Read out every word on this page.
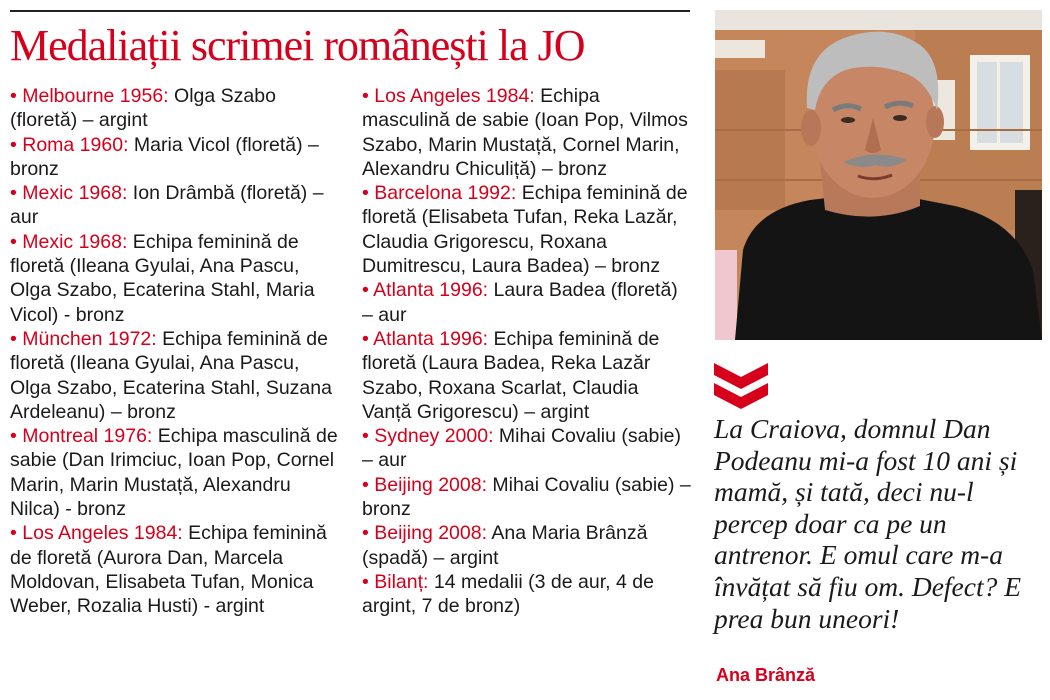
Medaliații scrimei românești la JO

• Melbourne 1956: Olga Szabo (floretă) – argint

• Roma 1960: Maria Vicol (floretă) – bronz

• Mexic 1968: Ion Drâmbă (floretă) – aur

• Mexic 1968: Echipa feminină de floretă (Ileana Gyulai, Ana Pascu, Olga Szabo, Ecaterina Stahl, Maria Vicol) - bronz

• München 1972: Echipa feminină de floretă (Ileana Gyulai, Ana Pascu, Olga Szabo, Ecaterina Stahl, Suzana Ardeleanu) – bronz

• Montreal 1976: Echipa masculină de sabie (Dan Irimciuc, Ioan Pop, Cornel Marin, Marin Mustață, Alexandru Nilca) - bronz

• Los Angeles 1984: Echipa feminină de floretă (Aurora Dan, Marcela Moldovan, Elisabeta Tufan, Monica Weber, Rozalia Husti) - argint

• Los Angeles 1984: Echipa masculină de sabie (Ioan Pop, Vilmos Szabo, Marin Mustață, Cornel Marin, Alexandru Chiculiță) – bronz

• Barcelona 1992: Echipa feminină de floretă (Elisabeta Tufan, Reka Lazăr, Claudia Grigorescu, Roxana Dumitrescu, Laura Badea) – bronz

• Atlanta 1996: Laura Badea (floretă) – aur

• Atlanta 1996: Echipa feminină de floretă (Laura Badea, Reka Lazăr Szabo, Roxana Scarlat, Claudia Vanță Grigorescu) – argint

• Sydney 2000: Mihai Covaliu (sabie) – aur

• Beijing 2008: Mihai Covaliu (sabie) – bronz

• Beijing 2008: Ana Maria Brânză (spadă) – argint

• Bilanț: 14 medalii (3 de aur, 4 de argint, 7 de bronz)

La Craiova, domnul Dan Podeanu mi-a fost 10 ani și mamă, și tată, deci nu-l percep doar ca pe un antrenor. E omul care m-a învățat să fiu om. Defect? E prea bun uneori!
Ana Brânză
